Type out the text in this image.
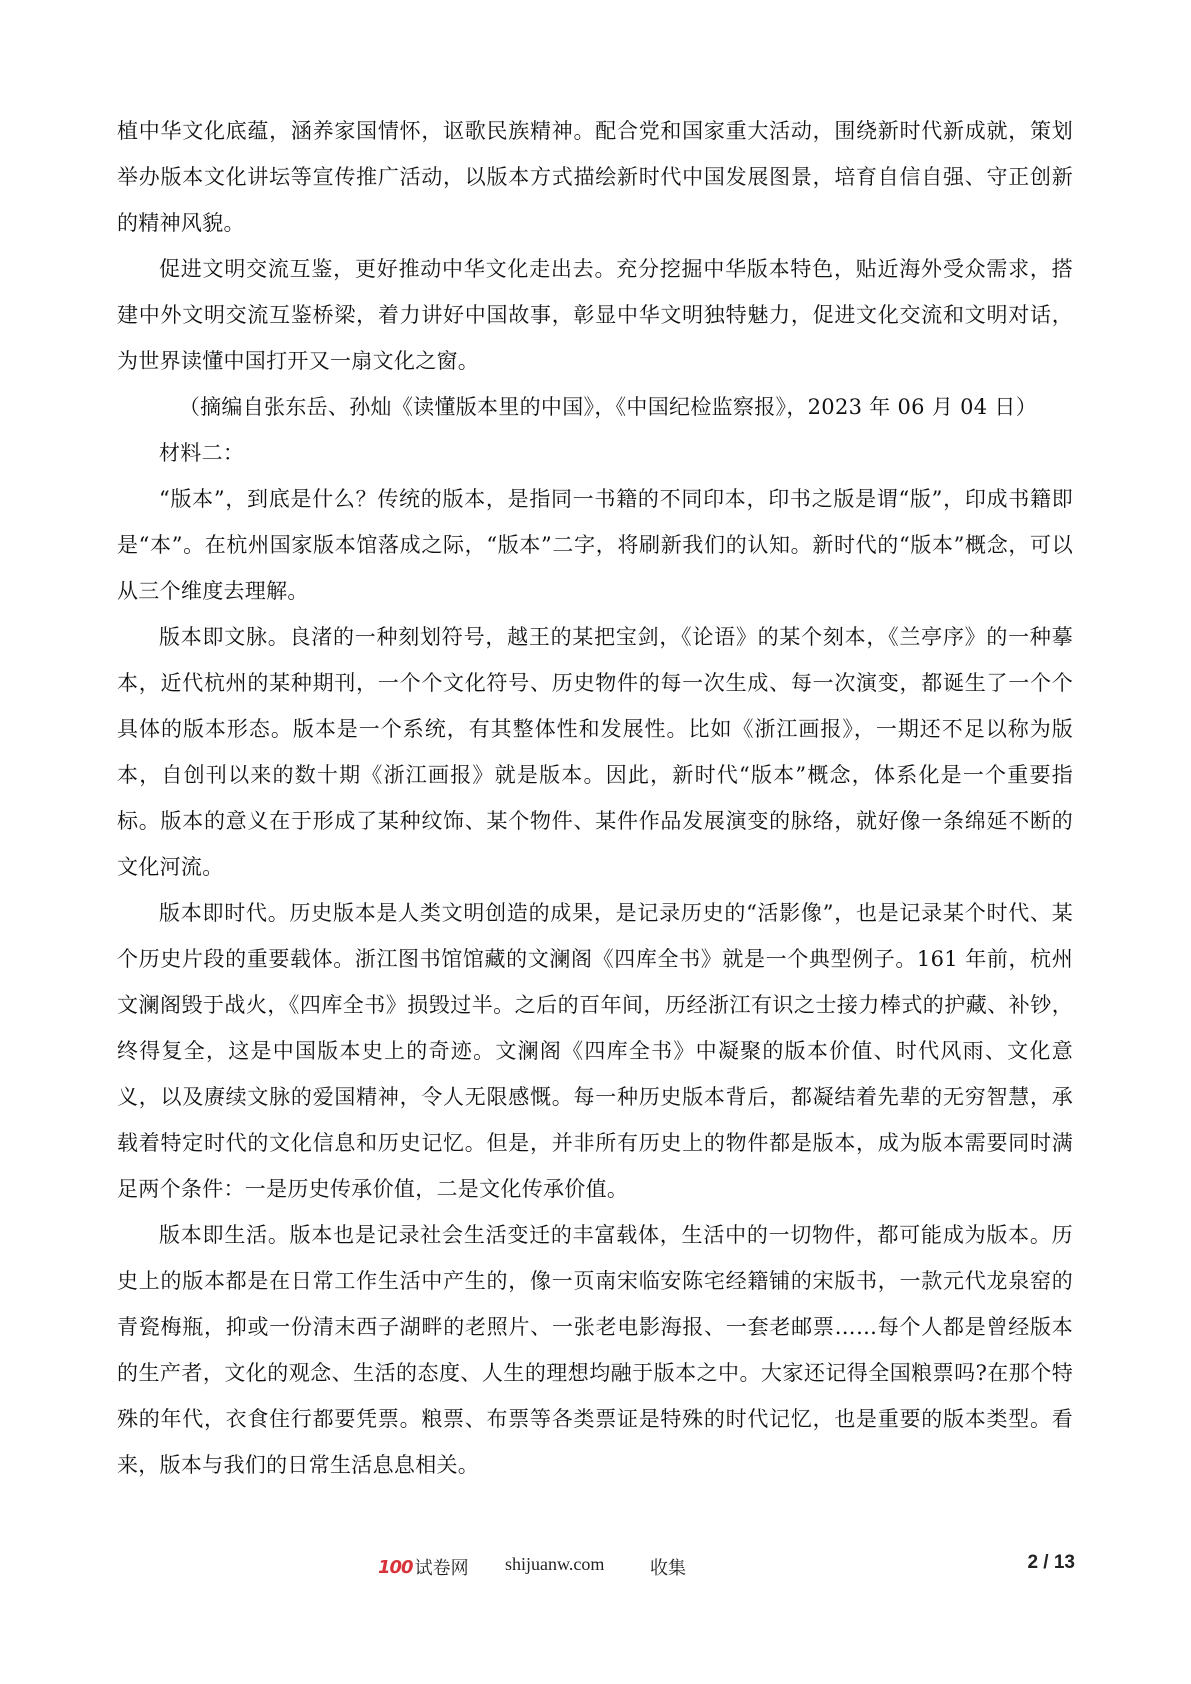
植中华文化底蕴，涵养家国情怀，讴歌民族精神。配合党和国家重大活动，围绕新时代新成就，策划举办版本文化讲坛等宣传推广活动，以版本方式描绘新时代中国发展图景，培育自信自强、守正创新的精神风貌。

促进文明交流互鉴，更好推动中华文化走出去。充分挖掘中华版本特色，贴近海外受众需求，搭建中外文明交流互鉴桥梁，着力讲好中国故事，彰显中华文明独特魅力，促进文化交流和文明对话，为世界读懂中国打开又一扇文化之窗。

（摘编自张东岳、孙灿《读懂版本里的中国》，《中国纪检监察报》，2023 年 06 月 04 日）

材料二：

“版本”，到底是什么？传统的版本，是指同一书籍的不同印本，印书之版是谓“版”，印成书籍即是“本”。在杭州国家版本馆落成之际，“版本”二字，将刷新我们的认知。新时代的“版本”概念，可以从三个维度去理解。

版本即文脉。良渚的一种刻划符号，越王的某把宝剑，《论语》的某个刻本，《兰亭序》的一种摹本，近代杭州的某种期刊，一个个文化符号、历史物件的每一次生成、每一次演变，都诞生了一个个具体的版本形态。版本是一个系统，有其整体性和发展性。比如《浙江画报》，一期还不足以称为版本，自创刊以来的数十期《浙江画报》就是版本。因此，新时代“版本”概念，体系化是一个重要指标。版本的意义在于形成了某种纹饰、某个物件、某件作品发展演变的脉络，就好像一条绵延不断的文化河流。

版本即时代。历史版本是人类文明创造的成果，是记录历史的“活影像”，也是记录某个时代、某个历史片段的重要载体。浙江图书馆馆藏的文澜阁《四库全书》就是一个典型例子。161 年前，杭州文澜阁毁于战火，《四库全书》损毁过半。之后的百年间，历经浙江有识之士接力棒式的护藏、补钞，终得复全，这是中国版本史上的奇迹。文澜阁《四库全书》中凝聚的版本价值、时代风雨、文化意义，以及赓续文脉的爱国精神，令人无限感慨。每一种历史版本背后，都凝结着先辈的无穷智慧，承载着特定时代的文化信息和历史记忆。但是，并非所有历史上的物件都是版本，成为版本需要同时满足两个条件：一是历史传承价值，二是文化传承价值。

版本即生活。版本也是记录社会生活变迁的丰富载体，生活中的一切物件，都可能成为版本。历史上的版本都是在日常工作生活中产生的，像一页南宋临安陈宅经籍铺的宋版书，一款元代龙泉窑的青瓷梅瓶，抑或一份清末西子湖畔的老照片、一张老电影海报、一套老邮票……每个人都是曾经版本的生产者，文化的观念、生活的态度、人生的理想均融于版本之中。大家还记得全国粮票吗?在那个特殊的年代，衣食住行都要凭票。粮票、布票等各类票证是特殊的时代记忆，也是重要的版本类型。看来，版本与我们的日常生活息息相关。

100 试卷网 shijuanw.com	收集	2 / 13
